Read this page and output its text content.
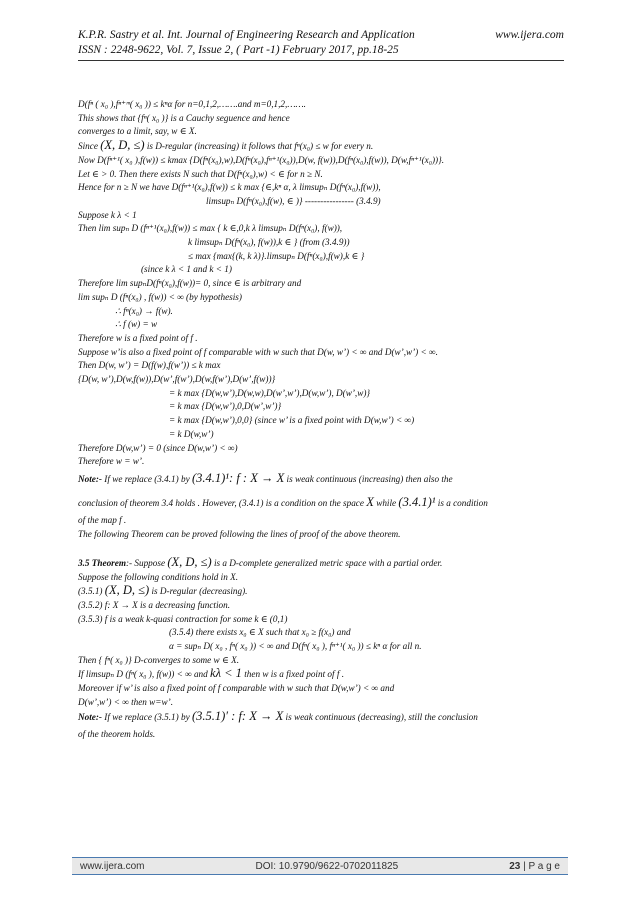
K.P.R. Sastry et al. Int. Journal of Engineering Research and Application	www.ijera.com
ISSN : 2248-9622, Vol. 7, Issue 2, ( Part -1) February 2017, pp.18-25

D(fⁿ ( x₀ ),fⁿ⁺ᵐ( x₀ )) ≤ kⁿα for n=0,1,2,…….and m=0,1,2,…….

This shows that {fⁿ( x₀ )} is a Cauchy seguence and hence

converges to a limit, say, w ∈ X.

Since (X, D, ≤) is D-regular (increasing) it follows that fⁿ(x₀) ≤ w for every n.

Now D(fⁿ⁺¹( x₀ ),f(w)) ≤ kmax {D(fⁿ(x₀),w),D(fⁿ(x₀),fⁿ⁺¹(x₀)),D(w, f(w)),D(fⁿ(x₀),f(w)), D(w,fⁿ⁺¹(x₀))}.

Let ∈ > 0. Then there exists N such that D(fⁿ(x₀),w) < ∈ for n ≥ N.

Hence for n ≥ N we have D(fⁿ⁺¹(x₀),f(w)) ≤ k max {∈,kⁿ α, λ limsupₙ D(fⁿ(x₀),f(w)),

limsupₙ D(fⁿ(x₀),f(w), ∈ )} ---------------- (3.4.9)

Suppose k λ < 1

Then lim supₙ D (fⁿ⁺¹(x₀),f(w)) ≤ max { k ∈,0,k λ limsupₙ D(fⁿ(x₀), f(w)),

k limsupₙ D(fⁿ(x₀), f(w)),k ∈ } (from (3.4.9))

≤ max {max{(k, k λ)}.limsupₙ D(fⁿ(x₀),f(w),k ∈ }

(since k λ < 1 and k < 1)

Therefore lim supₙD(fⁿ(x₀),f(w))= 0, since ∈ is arbitrary and

lim supₙ D (fⁿ(x₀) , f(w)) < ∞ (by hypothesis)

∴ fⁿ(x₀) → f(w).

∴ f (w) = w

Therefore w is a fixed point of f .

Suppose w’is also a fixed point of f comparable with w such that D(w, w’) < ∞ and D(w’,w’) < ∞.

Then D(w, w’) = D(f(w),f(w’)) ≤ k max

{D(w, w’),D(w,f(w)),D(w’,f(w’),D(w,f(w’),D(w’,f(w))}

= k max {D(w,w’),D(w,w),D(w’,w’),D(w,w’), D(w’,w)}

= k max {D(w,w’),0,D(w’,w’)}

= k max {D(w,w’),0,0} (since w’ is a fixed point with D(w,w’) < ∞)

= k D(w,w’)

Therefore D(w,w’) = 0 (since D(w,w’) < ∞)

Therefore w = w’.

Note:- If we replace (3.4.1) by (3.4.1)¹: f : X → X is weak continuous (increasing) then also the

conclusion of theorem 3.4 holds . However, (3.4.1) is a condition on the space X while (3.4.1)¹ is a condition

of the map f .

The following Theorem can be proved following the lines of proof of the above theorem.

3.5 Theorem:- Suppose (X, D, ≤) is a D-complete generalized metric space with a partial order.

Suppose the following conditions hold in X.

(3.5.1) (X, D, ≤) is D-regular (decreasing).

(3.5.2) f: X → X is a decreasing function.

(3.5.3) f is a weak k-quasi contraction for some k ∈ (0,1)

(3.5.4) there exists x₀ ∈ X such that x₀ ≥ f(x₀) and

α = supₙ D( x₀ , fⁿ( x₀ )) < ∞ and D(fⁿ( x₀ ), fⁿ⁺¹( x₀ )) ≤ kⁿ α for all n.

Then { fⁿ( x₀ )} D-converges to some w ∈ X.

If limsupₙ D (fⁿ( x₀ ), f(w)) < ∞ and kλ < 1 then w is a fixed point of f .

Moreover if w’ is also a fixed point of f comparable with w such that D(w,w’) < ∞ and

D(w’,w’) < ∞ then w=w’.

Note:- If we replace (3.5.1) by (3.5.1)′ : f: X → X is weak continuous (decreasing), still the conclusion

of the theorem holds.

www.ijera.com	DOI: 10.9790/9622-0702011825	23 | P a g e
